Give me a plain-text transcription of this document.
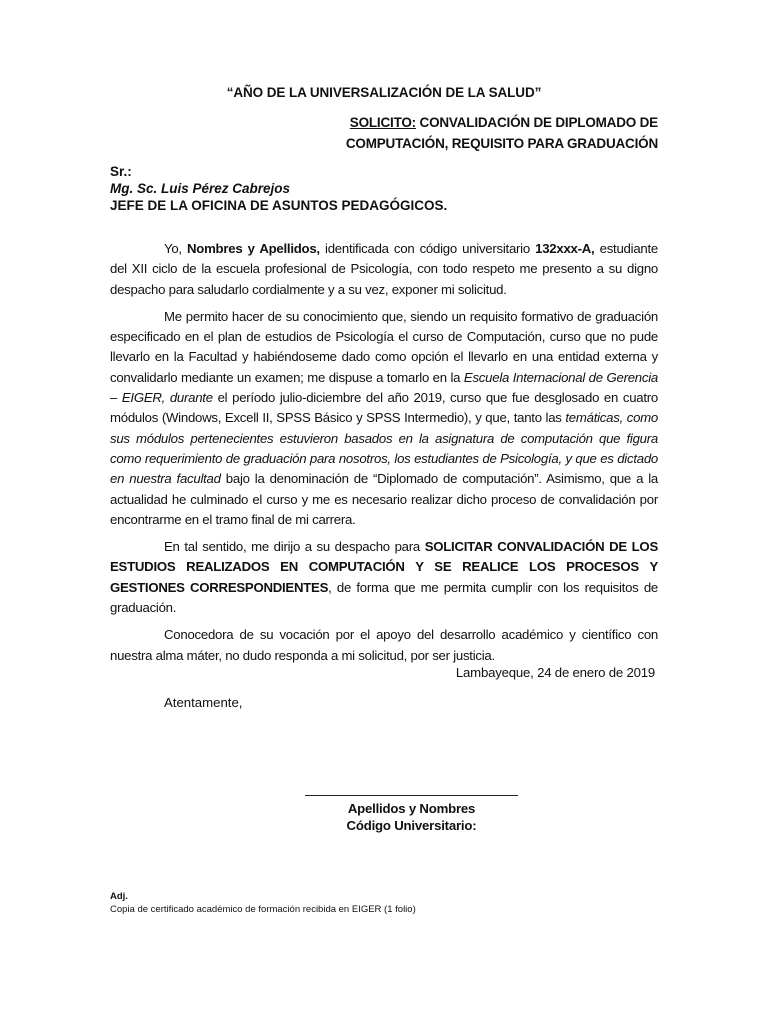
“AÑO DE LA UNIVERSALIZACIÓN DE LA SALUD”
SOLICITO: CONVALIDACIÓN DE DIPLOMADO DE
COMPUTACIÓN, REQUISITO PARA GRADUACIÓN
Sr.:
Mg. Sc. Luis Pérez Cabrejos
JEFE DE LA OFICINA DE ASUNTOS PEDAGÓGICOS.

Yo, Nombres y Apellidos, identificada con código universitario 132xxx-A, estudiante del XII ciclo de la escuela profesional de Psicología, con todo respeto me presento a su digno despacho para saludarlo cordialmente y a su vez, exponer mi solicitud.

Me permito hacer de su conocimiento que, siendo un requisito formativo de graduación especificado en el plan de estudios de Psicología el curso de Computación, curso que no pude llevarlo en la Facultad y habiéndoseme dado como opción el llevarlo en una entidad externa y convalidarlo mediante un examen; me dispuse a tomarlo en la Escuela Internacional de Gerencia – EIGER, durante el período julio-diciembre del año 2019, curso que fue desglosado en cuatro módulos (Windows, Excell II, SPSS Básico y SPSS Intermedio), y que, tanto las temáticas, como sus módulos pertenecientes estuvieron basados en la asignatura de computación que figura como requerimiento de graduación para nosotros, los estudiantes de Psicología, y que es dictado en nuestra facultad bajo la denominación de “Diplomado de computación”. Asimismo, que a la actualidad he culminado el curso y me es necesario realizar dicho proceso de convalidación por encontrarme en el tramo final de mi carrera.

En tal sentido, me dirijo a su despacho para SOLICITAR CONVALIDACIÓN DE LOS ESTUDIOS REALIZADOS EN COMPUTACIÓN Y SE REALICE LOS PROCESOS Y GESTIONES CORRESPONDIENTES, de forma que me permita cumplir con los requisitos de graduación.

Conocedora de su vocación por el apoyo del desarrollo académico y científico con nuestra alma máter, no dudo responda a mi solicitud, por ser justicia.

Lambayeque, 24 de enero de 2019
Atentamente,
Apellidos y Nombres
Código Universitario:
Adj.
Copia de certificado académico de formación recibida en EIGER (1 folio)
